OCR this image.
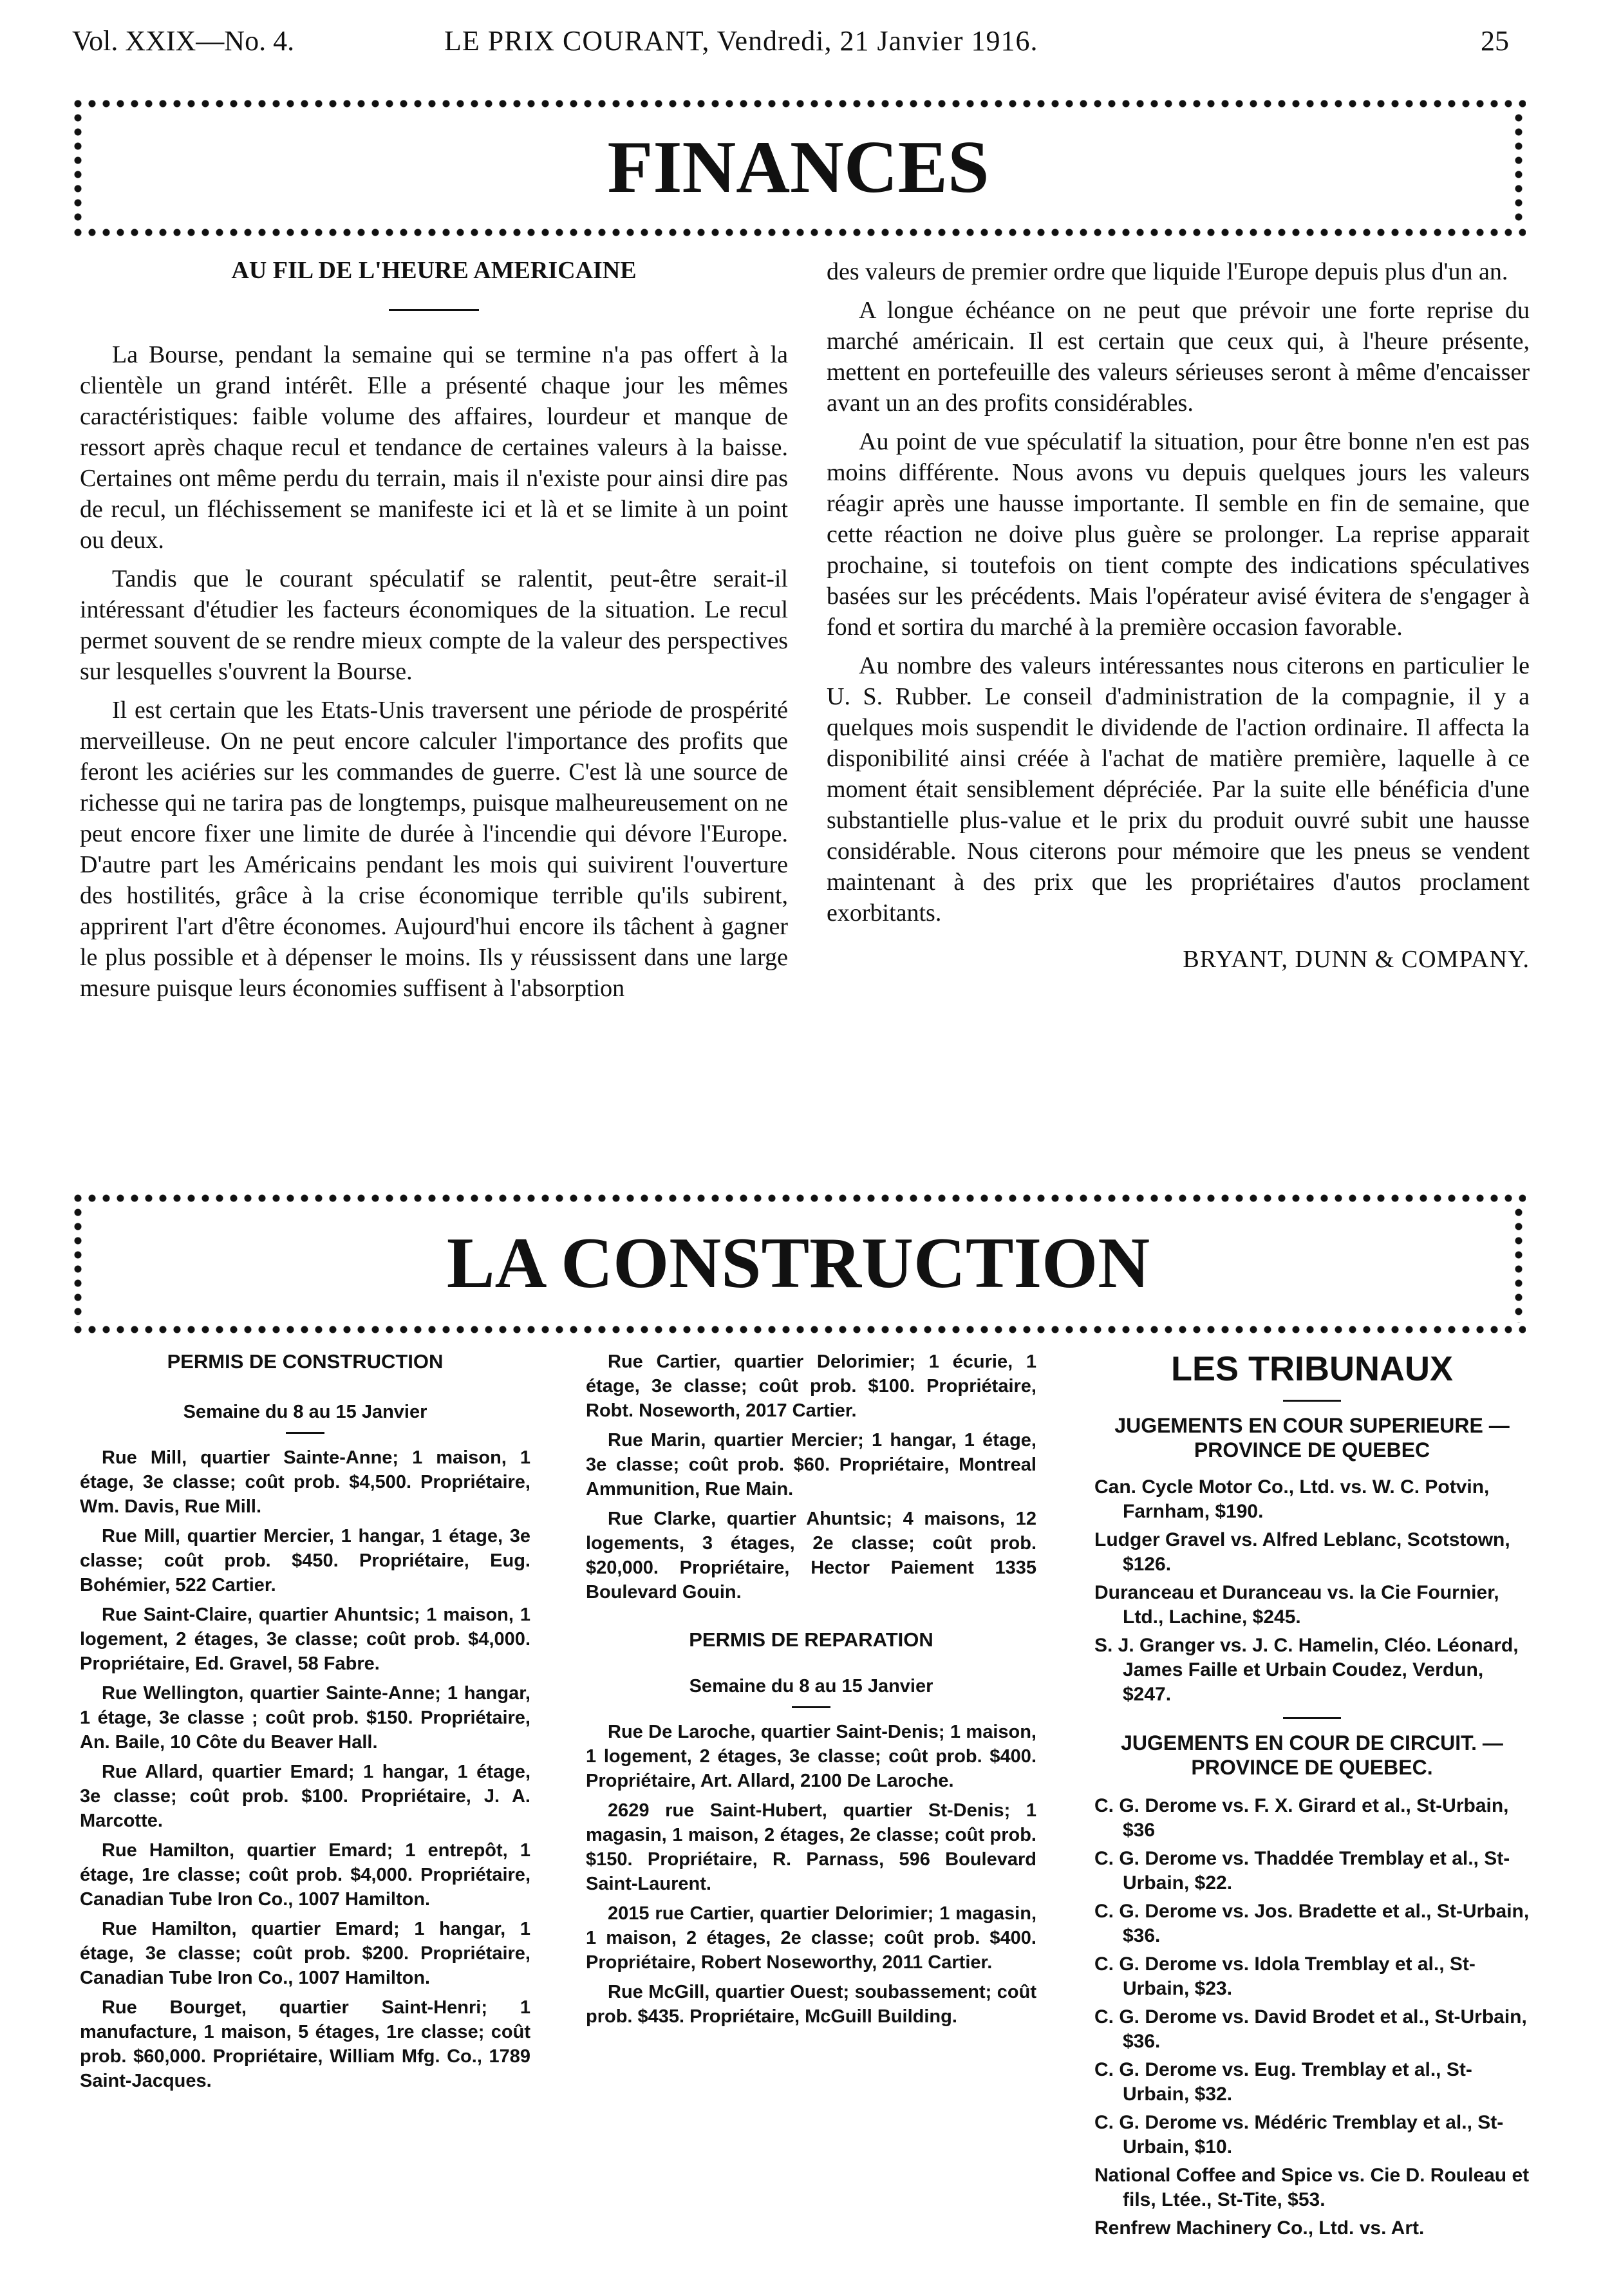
Vol. XXIX—No. 4.	LE PRIX COURANT, Vendredi, 21 Janvier 1916.	25
FINANCES
AU FIL DE L'HEURE AMERICAINE

La Bourse, pendant la semaine qui se termine n'a pas offert à la clientèle un grand intérêt. Elle a présenté chaque jour les mêmes caractéristiques: faible volume des affaires, lourdeur et manque de ressort après chaque recul et tendance de certaines valeurs à la baisse. Certaines ont même perdu du terrain, mais il n'existe pour ainsi dire pas de recul, un fléchissement se manifeste ici et là et se limite à un point ou deux.

Tandis que le courant spéculatif se ralentit, peut-être serait-il intéressant d'étudier les facteurs économiques de la situation. Le recul permet souvent de se rendre mieux compte de la valeur des perspectives sur lesquelles s'ouvrent la Bourse.

Il est certain que les Etats-Unis traversent une période de prospérité merveilleuse. On ne peut encore calculer l'importance des profits que feront les aciéries sur les commandes de guerre. C'est là une source de richesse qui ne tarira pas de longtemps, puisque malheureusement on ne peut encore fixer une limite de durée à l'incendie qui dévore l'Europe. D'autre part les Américains pendant les mois qui suivirent l'ouverture des hostilités, grâce à la crise économique terrible qu'ils subirent, apprirent l'art d'être économes. Aujourd'hui encore ils tâchent à gagner le plus possible et à dépenser le moins. Ils y réussissent dans une large mesure puisque leurs économies suffisent à l'absorption

des valeurs de premier ordre que liquide l'Europe depuis plus d'un an.

A longue échéance on ne peut que prévoir une forte reprise du marché américain. Il est certain que ceux qui, à l'heure présente, mettent en portefeuille des valeurs sérieuses seront à même d'encaisser avant un an des profits considérables.

Au point de vue spéculatif la situation, pour être bonne n'en est pas moins différente. Nous avons vu depuis quelques jours les valeurs réagir après une hausse importante. Il semble en fin de semaine, que cette réaction ne doive plus guère se prolonger. La reprise apparait prochaine, si toutefois on tient compte des indications spéculatives basées sur les précédents. Mais l'opérateur avisé évitera de s'engager à fond et sortira du marché à la première occasion favorable.

Au nombre des valeurs intéressantes nous citerons en particulier le U. S. Rubber. Le conseil d'administration de la compagnie, il y a quelques mois suspendit le dividende de l'action ordinaire. Il affecta la disponibilité ainsi créée à l'achat de matière première, laquelle à ce moment était sensiblement dépréciée. Par la suite elle bénéficia d'une substantielle plus-value et le prix du produit ouvré subit une hausse considérable. Nous citerons pour mémoire que les pneus se vendent maintenant à des prix que les propriétaires d'autos proclament exorbitants.

BRYANT, DUNN & COMPANY.
LA CONSTRUCTION
PERMIS DE CONSTRUCTION
Semaine du 8 au 15 Janvier

Rue Mill, quartier Sainte-Anne; 1 maison, 1 étage, 3e classe; coût prob. $4,500. Propriétaire, Wm. Davis, Rue Mill.

Rue Mill, quartier Mercier, 1 hangar, 1 étage, 3e classe; coût prob. $450. Propriétaire, Eug. Bohémier, 522 Cartier.

Rue Saint-Claire, quartier Ahuntsic; 1 maison, 1 logement, 2 étages, 3e classe; coût prob. $4,000. Propriétaire, Ed. Gravel, 58 Fabre.

Rue Wellington, quartier Sainte-Anne; 1 hangar, 1 étage, 3e classe ; coût prob. $150. Propriétaire, An. Baile, 10 Côte du Beaver Hall.

Rue Allard, quartier Emard; 1 hangar, 1 étage, 3e classe; coût prob. $100. Propriétaire, J. A. Marcotte.

Rue Hamilton, quartier Emard; 1 entrepôt, 1 étage, 1re classe; coût prob. $4,000. Propriétaire, Canadian Tube Iron Co., 1007 Hamilton.

Rue Hamilton, quartier Emard; 1 hangar, 1 étage, 3e classe; coût prob. $200. Propriétaire, Canadian Tube Iron Co., 1007 Hamilton.

Rue Bourget, quartier Saint-Henri; 1 manufacture, 1 maison, 5 étages, 1re classe; coût prob. $60,000. Propriétaire, William Mfg. Co., 1789 Saint-Jacques.

Rue Cartier, quartier Delorimier; 1 écurie, 1 étage, 3e classe; coût prob. $100. Propriétaire, Robt. Noseworth, 2017 Cartier.

Rue Marin, quartier Mercier; 1 hangar, 1 étage, 3e classe; coût prob. $60. Propriétaire, Montreal Ammunition, Rue Main.

Rue Clarke, quartier Ahuntsic; 4 maisons, 12 logements, 3 étages, 2e classe; coût prob. $20,000. Propriétaire, Hector Paiement 1335 Boulevard Gouin.

PERMIS DE REPARATION
Semaine du 8 au 15 Janvier

Rue De Laroche, quartier Saint-Denis; 1 maison, 1 logement, 2 étages, 3e classe; coût prob. $400. Propriétaire, Art. Allard, 2100 De Laroche.

2629 rue Saint-Hubert, quartier St-Denis; 1 magasin, 1 maison, 2 étages, 2e classe; coût prob. $150. Propriétaire, R. Parnass, 596 Boulevard Saint-Laurent.

2015 rue Cartier, quartier Delorimier; 1 magasin, 1 maison, 2 étages, 2e classe; coût prob. $400. Propriétaire, Robert Noseworthy, 2011 Cartier.

Rue McGill, quartier Ouest; soubassement; coût prob. $435. Propriétaire, McGuill Building.

LES TRIBUNAUX
JUGEMENTS EN COUR SUPERIEURE — PROVINCE DE QUEBEC
Can. Cycle Motor Co., Ltd. vs. W. C. Potvin, Farnham, $190.
Ludger Gravel vs. Alfred Leblanc, Scotstown, $126.
Duranceau et Duranceau vs. la Cie Fournier, Ltd., Lachine, $245.
S. J. Granger vs. J. C. Hamelin, Cléo. Léonard, James Faille et Urbain Coudez, Verdun, $247.
JUGEMENTS EN COUR DE CIRCUIT. — PROVINCE DE QUEBEC.
C. G. Derome vs. F. X. Girard et al., St-Urbain, $36
C. G. Derome vs. Thaddée Tremblay et al., St-Urbain, $22.
C. G. Derome vs. Jos. Bradette et al., St-Urbain, $36.
C. G. Derome vs. Idola Tremblay et al., St-Urbain, $23.
C. G. Derome vs. David Brodet et al., St-Urbain, $36.
C. G. Derome vs. Eug. Tremblay et al., St-Urbain, $32.
C. G. Derome vs. Médéric Tremblay et al., St-Urbain, $10.
National Coffee and Spice vs. Cie D. Rouleau et fils, Ltée., St-Tite, $53.
Renfrew Machinery Co., Ltd. vs. Art.
